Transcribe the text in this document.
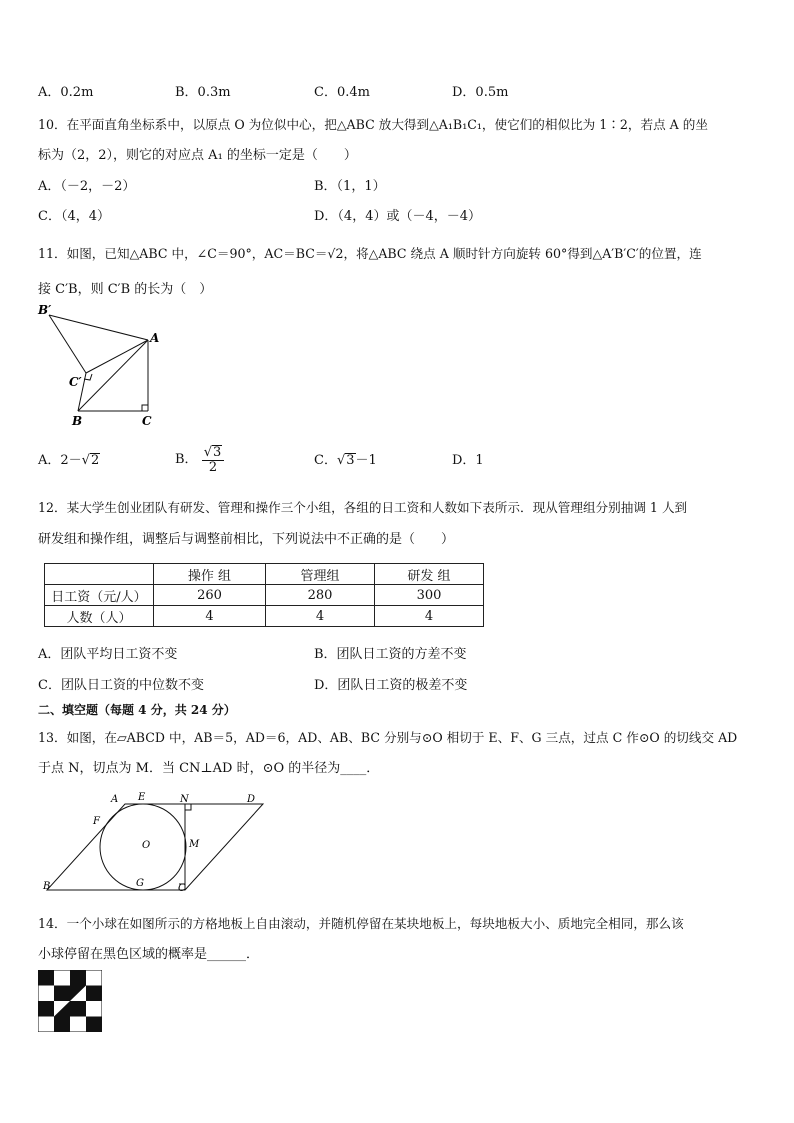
A．0.2m	B．0.3m	C．0.4m	D．0.5m
10．在平面直角坐标系中，以原点 O 为位似中心，把△ABC 放大得到△A₁B₁C₁，使它们的相似比为 1∶2，若点 A 的坐
标为（2，2），则它的对应点 A₁ 的坐标一定是（　　）
A．（－2，－2）	B．（1，1）
C．（4，4）	D．（4，4）或（－4，－4）
11．如图，已知△ABC 中，∠C＝90°，AC＝BC＝√2，将△ABC 绕点 A 顺时针方向旋转 60°得到△A′B′C′的位置，连
接 C′B，则 C′B 的长为（　）
B′
A
C′
B	C
A．2－√2	B． $\frac{√3}{2}$	C．√3－1	D．1
12．某大学生创业团队有研发、管理和操作三个小组，各组的日工资和人数如下表所示．现从管理组分别抽调 1 人到
研发组和操作组，调整后与调整前相比，下列说法中不正确的是（　　）
	操作 组	管理组	研发 组
日工资（元/人）	260	280	300
人数（人）	4	4	4
A．团队平均日工资不变	B．团队日工资的方差不变
C．团队日工资的中位数不变	D．团队日工资的极差不变
二、填空题（每题 4 分，共 24 分）
13．如图，在▱ABCD 中，AB＝5，AD＝6，AD、AB、BC 分别与⊙O 相切于 E、F、G 三点，过点 C 作⊙O 的切线交 AD
于点 N，切点为 M．当 CN⊥AD 时，⊙O 的半径为____．
A E	N	D
F
O	M
B	G	C
14．一个小球在如图所示的方格地板上自由滚动，并随机停留在某块地板上，每块地板大小、质地完全相同，那么该
小球停留在黑色区域的概率是______．
